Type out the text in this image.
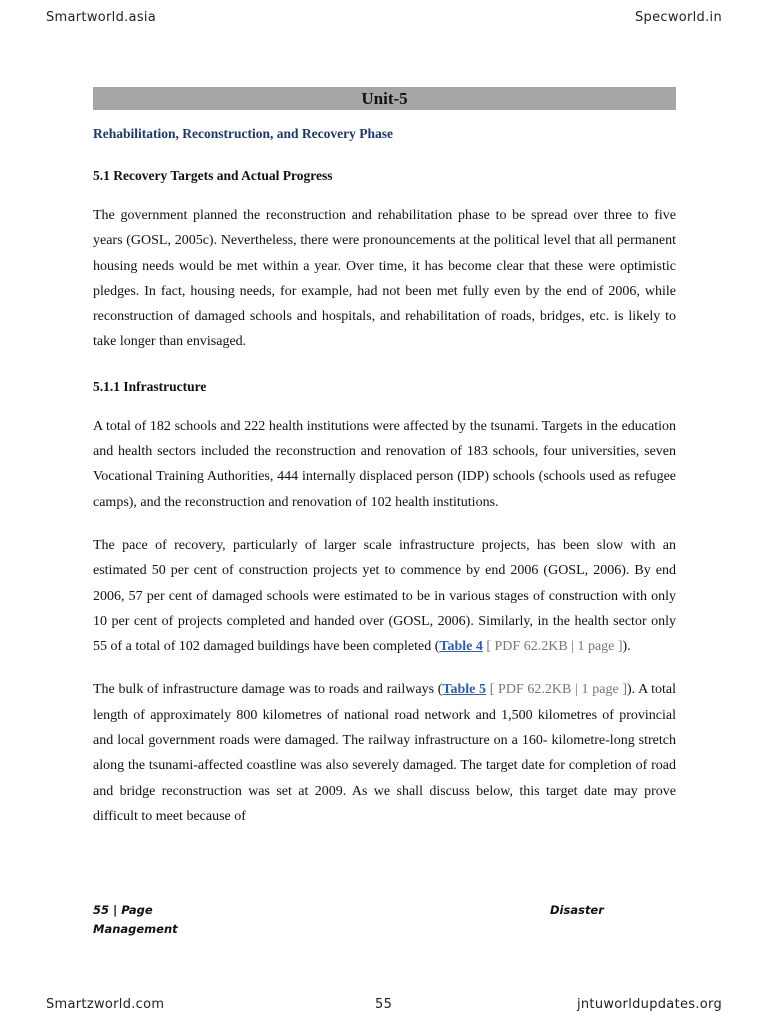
Smartworld.asia	Specworld.in
Unit-5
Rehabilitation, Reconstruction, and Recovery Phase
5.1 Recovery Targets and Actual Progress

The government planned the reconstruction and rehabilitation phase to be spread over three to five years (GOSL, 2005c). Nevertheless, there were pronouncements at the political level that all permanent housing needs would be met within a year. Over time, it has become clear that these were optimistic pledges. In fact, housing needs, for example, had not been met fully even by the end of 2006, while reconstruction of damaged schools and hospitals, and rehabilitation of roads, bridges, etc. is likely to take longer than envisaged.

5.1.1 Infrastructure

A total of 182 schools and 222 health institutions were affected by the tsunami. Targets in the education and health sectors included the reconstruction and renovation of 183 schools, four universities, seven Vocational Training Authorities, 444 internally displaced person (IDP) schools (schools used as refugee camps), and the reconstruction and renovation of 102 health institutions.

The pace of recovery, particularly of larger scale infrastructure projects, has been slow with an estimated 50 per cent of construction projects yet to commence by end 2006 (GOSL, 2006). By end 2006, 57 per cent of damaged schools were estimated to be in various stages of construction with only 10 per cent of projects completed and handed over (GOSL, 2006). Similarly, in the health sector only 55 of a total of 102 damaged buildings have been completed (Table 4 [ PDF 62.2KB | 1 page ]).

The bulk of infrastructure damage was to roads and railways (Table 5 [ PDF 62.2KB | 1 page ]). A total length of approximately 800 kilometres of national road network and 1,500 kilometres of provincial and local government roads were damaged. The railway infrastructure on a 160- kilometre-long stretch along the tsunami-affected coastline was also severely damaged. The target date for completion of road and bridge reconstruction was set at 2009. As we shall discuss below, this target date may prove difficult to meet because of

55 | Page	Disaster
Management
Smartzworld.com	55	jntuworldupdates.org
